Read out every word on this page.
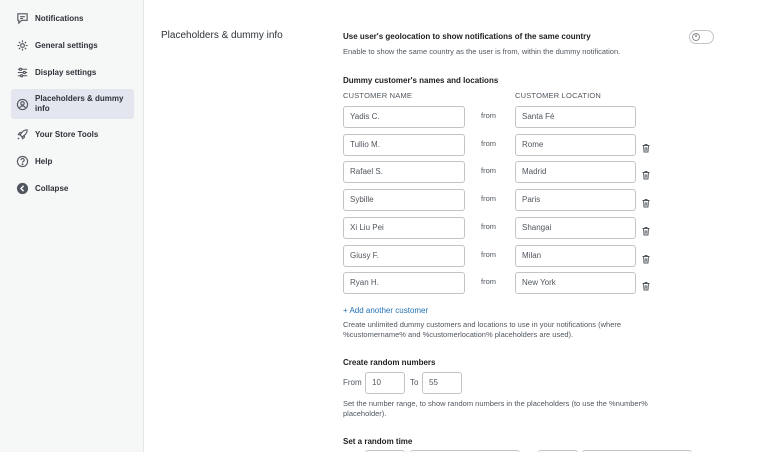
Notifications
General settings
Display settings
Placeholders & dummy info
Your Store Tools
Help
Collapse
Placeholders & dummy info	Use user's geolocation to show notifications of the same country	×
Enable to show the same country as the user is from, within the dummy notification.
Dummy customer's names and locations
CUSTOMER NAME	CUSTOMER LOCATION
Yadis C.	from	Santa Fé
Tullio M.	from	Rome
Rafael S.	from	Madrid
Sybille	from	Paris
Xi Liu Pei	from	Shangai
Giusy F.	from	Milan
Ryan H.	from	New York
+ Add another customer
Create unlimited dummy customers and locations to use in your notifications (where
%customername% and %customerlocation% placeholders are used).
Create random numbers
From	10	To	55
Set the number range, to show random numbers in the placeholders (to use the %number%
placeholder).
Set a random time
